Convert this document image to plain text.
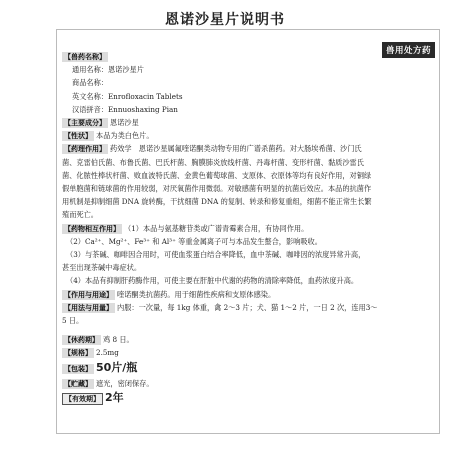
恩诺沙星片说明书
兽用处方药
【兽药名称】
通用名称：恩诺沙星片
商品名称：
英文名称：Enrofloxacin Tablets
汉语拼音：Ennuoshaxing Pian
【主要成分】 恩诺沙星
【性状】 本品为类白色片。
【药理作用】 药效学　恩诺沙星属氟喹诺酮类动物专用的广谱杀菌药。对大肠埃希菌、沙门氏
菌、克雷伯氏菌、布鲁氏菌、巴氏杆菌、胸膜肺炎放线杆菌、丹毒杆菌、变形杆菌、黏质沙雷氏
菌、化脓性棒状杆菌、败血波特氏菌、金黄色葡萄球菌、支原体、衣原体等均有良好作用，对铜绿
假单胞菌和链球菌的作用较弱，对厌氧菌作用微弱。对敏感菌有明显的抗菌后效应。本品的抗菌作
用机制是抑制细菌 DNA 旋转酶，干扰细菌 DNA 的复制、转录和修复重组，细菌不能正常生长繁
殖而死亡。
【药物相互作用】 （1）本品与氨基糖苷类或广谱青霉素合用，有协同作用。
（2）Ca²⁺、Mg²⁺、Fe³⁺ 和 Al³⁺ 等重金属离子可与本品发生螯合，影响吸收。
（3）与茶碱、咖啡因合用时，可使血浆蛋白结合率降低，血中茶碱、咖啡因的浓度异常升高，
甚至出现茶碱中毒症状。
（4）本品有抑制肝药酶作用，可使主要在肝脏中代谢的药物的清除率降低，血药浓度升高。
【作用与用途】 喹诺酮类抗菌药。用于细菌性疾病和支原体感染。
【用法与用量】 内服：一次量，每 1kg 体重，禽 2～3 片；犬、猫 1～2 片，一日 2 次，连用3～
5 日。
【休药期】 鸡 8 日。
【规格】 2.5mg
【包装】 50片/瓶
【贮藏】 遮光，密闭保存。
【有效期】 2年
